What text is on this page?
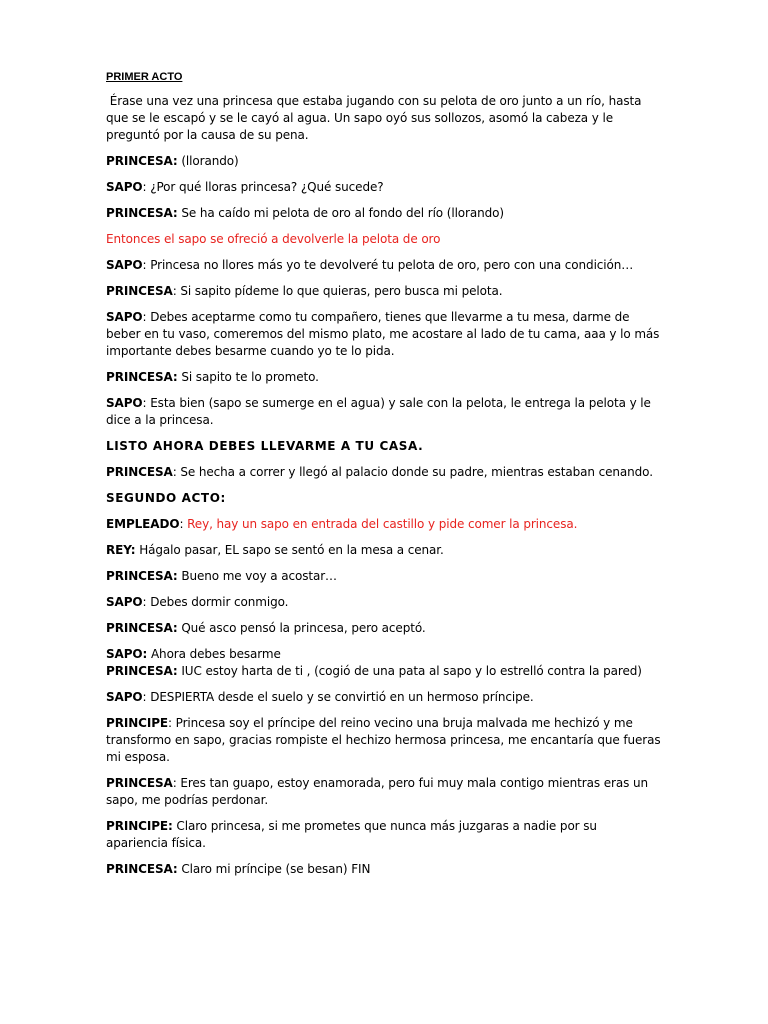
PRIMER ACTO

Érase una vez una princesa que estaba jugando con su pelota de oro junto a un río, hasta que se le escapó y se le cayó al agua. Un sapo oyó sus sollozos, asomó la cabeza y le preguntó por la causa de su pena.

PRINCESA: (llorando)

SAPO: ¿Por qué lloras princesa? ¿Qué sucede?

PRINCESA: Se ha caído mi pelota de oro al fondo del río (llorando)

Entonces el sapo se ofreció a devolverle la pelota de oro

SAPO: Princesa no llores más yo te devolveré tu pelota de oro, pero con una condición…

PRINCESA: Si sapito pídeme lo que quieras, pero busca mi pelota.

SAPO: Debes aceptarme como tu compañero, tienes que llevarme a tu mesa, darme de beber en tu vaso, comeremos del mismo plato, me acostare al lado de tu cama, aaa y lo más importante debes besarme cuando yo te lo pida.

PRINCESA: Si sapito te lo prometo.

SAPO: Esta bien (sapo se sumerge en el agua) y sale con la pelota, le entrega la pelota y le dice a la princesa.

LISTO AHORA DEBES LLEVARME A TU CASA.

PRINCESA: Se hecha a correr y llegó al palacio donde su padre, mientras estaban cenando.

SEGUNDO ACTO:

EMPLEADO: Rey, hay un sapo en entrada del castillo y pide comer la princesa.

REY: Hágalo pasar, EL sapo se sentó en la mesa a cenar.

PRINCESA: Bueno me voy a acostar…

SAPO: Debes dormir conmigo.

PRINCESA: Qué asco pensó la princesa, pero aceptó.

SAPO: Ahora debes besarme

PRINCESA: IUC estoy harta de ti , (cogió de una pata al sapo y lo estrelló contra la pared)

SAPO: DESPIERTA desde el suelo y se convirtió en un hermoso príncipe.

PRINCIPE: Princesa soy el príncipe del reino vecino una bruja malvada me hechizó y me transformo en sapo, gracias rompiste el hechizo hermosa princesa, me encantaría que fueras mi esposa.

PRINCESA: Eres tan guapo, estoy enamorada, pero fui muy mala contigo mientras eras un sapo, me podrías perdonar.

PRINCIPE: Claro princesa, si me prometes que nunca más juzgaras a nadie por su apariencia física.

PRINCESA: Claro mi príncipe (se besan) FIN
